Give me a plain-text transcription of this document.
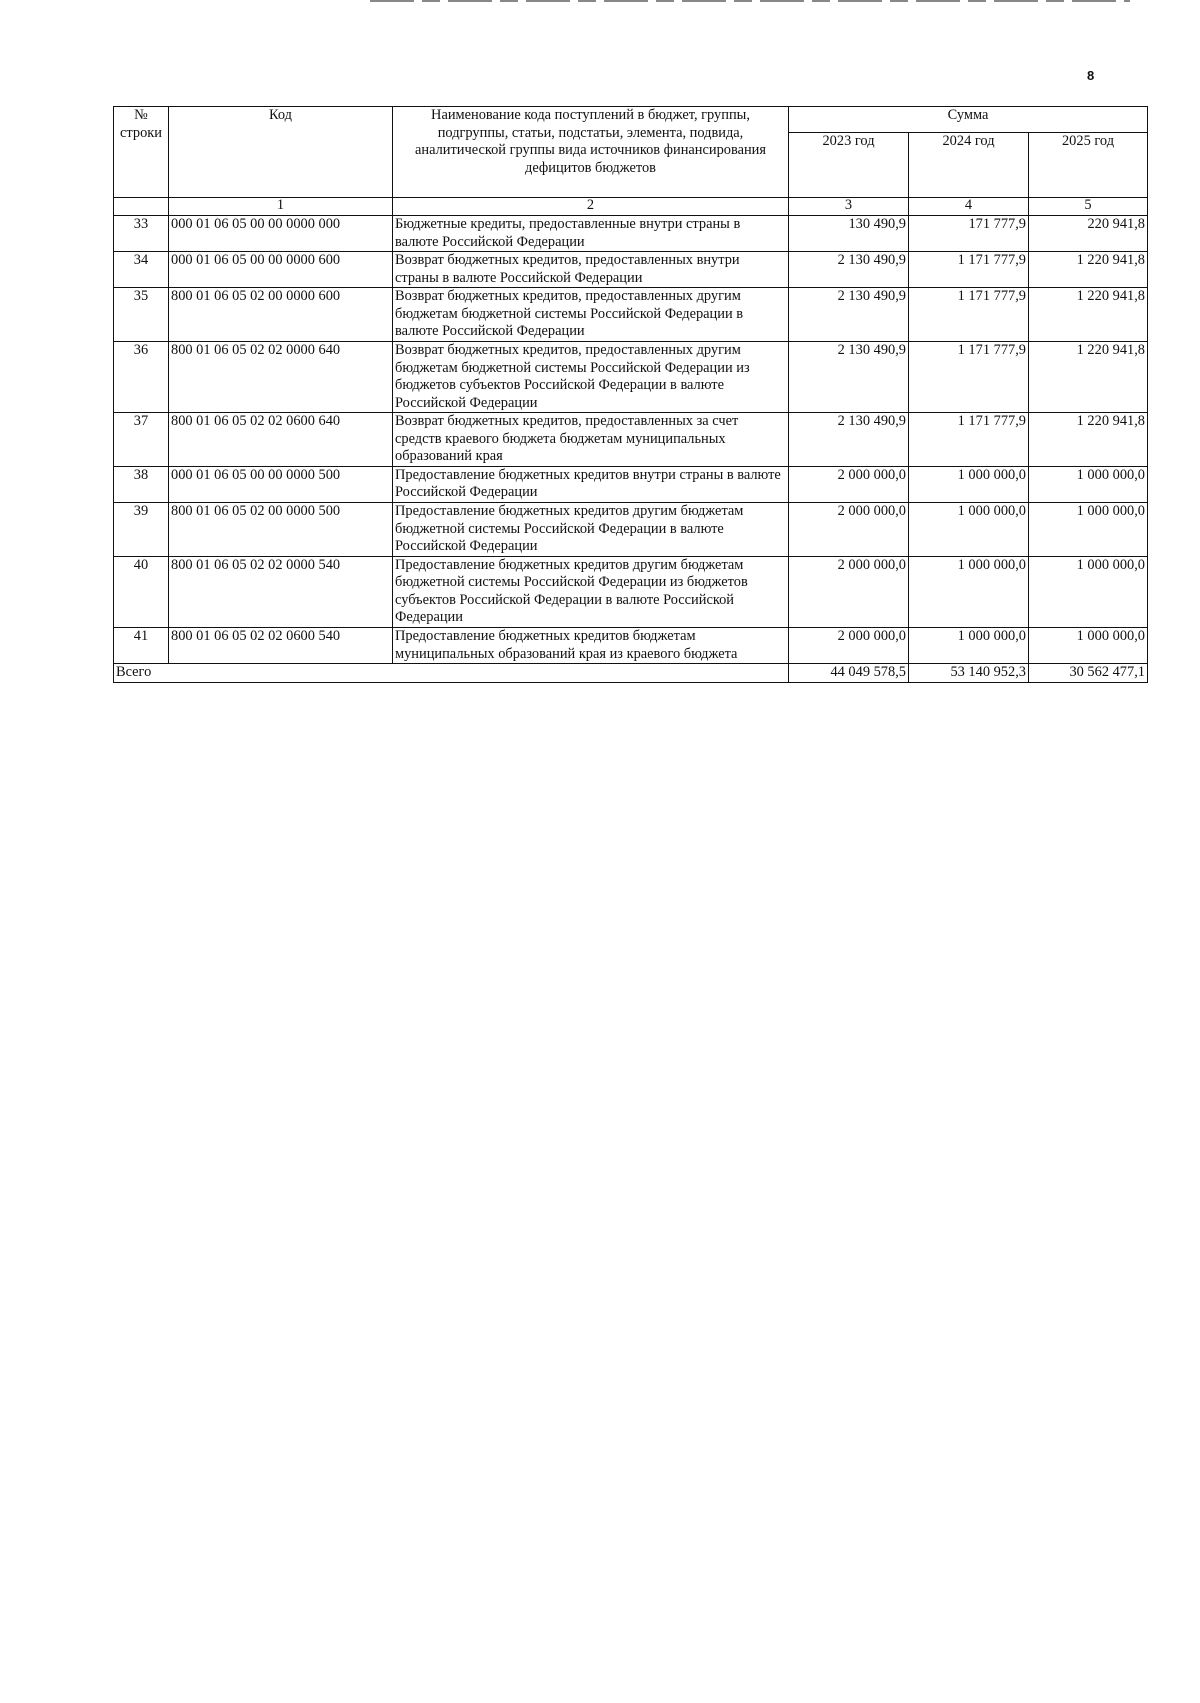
8
№ строки	Код	Наименование кода поступлений в бюджет, группы, подгруппы, статьи, подстатьи, элемента, подвида, аналитической группы вида источников финансирования дефицитов бюджетов	Сумма		
			2023 год	2024 год	2025 год
	1	2	3	4	5
33	000 01 06 05 00 00 0000 000	Бюджетные кредиты, предоставленные внутри страны в валюте Российской Федерации	130 490,9	171 777,9	220 941,8
34	000 01 06 05 00 00 0000 600	Возврат бюджетных кредитов, предоставленных внутри страны в валюте Российской Федерации	2 130 490,9	1 171 777,9	1 220 941,8
35	800 01 06 05 02 00 0000 600	Возврат бюджетных кредитов, предоставленных другим бюджетам бюджетной системы Российской Федерации в валюте Российской Федерации	2 130 490,9	1 171 777,9	1 220 941,8
36	800 01 06 05 02 02 0000 640	Возврат бюджетных кредитов, предоставленных другим бюджетам бюджетной системы Российской Федерации из бюджетов субъектов Российской Федерации в валюте Российской Федерации	2 130 490,9	1 171 777,9	1 220 941,8
37	800 01 06 05 02 02 0600 640	Возврат бюджетных кредитов, предоставленных за счет средств краевого бюджета бюджетам муниципальных образований края	2 130 490,9	1 171 777,9	1 220 941,8
38	000 01 06 05 00 00 0000 500	Предоставление бюджетных кредитов внутри страны в валюте Российской Федерации	2 000 000,0	1 000 000,0	1 000 000,0
39	800 01 06 05 02 00 0000 500	Предоставление бюджетных кредитов другим бюджетам бюджетной системы Российской Федерации в валюте Российской Федерации	2 000 000,0	1 000 000,0	1 000 000,0
40	800 01 06 05 02 02 0000 540	Предоставление бюджетных кредитов другим бюджетам бюджетной системы Российской Федерации из бюджетов субъектов Российской Федерации в валюте Российской Федерации	2 000 000,0	1 000 000,0	1 000 000,0
41	800 01 06 05 02 02 0600 540	Предоставление бюджетных кредитов бюджетам муниципальных образований края из краевого бюджета	2 000 000,0	1 000 000,0	1 000 000,0
Всего			44 049 578,5	53 140 952,3	30 562 477,1
